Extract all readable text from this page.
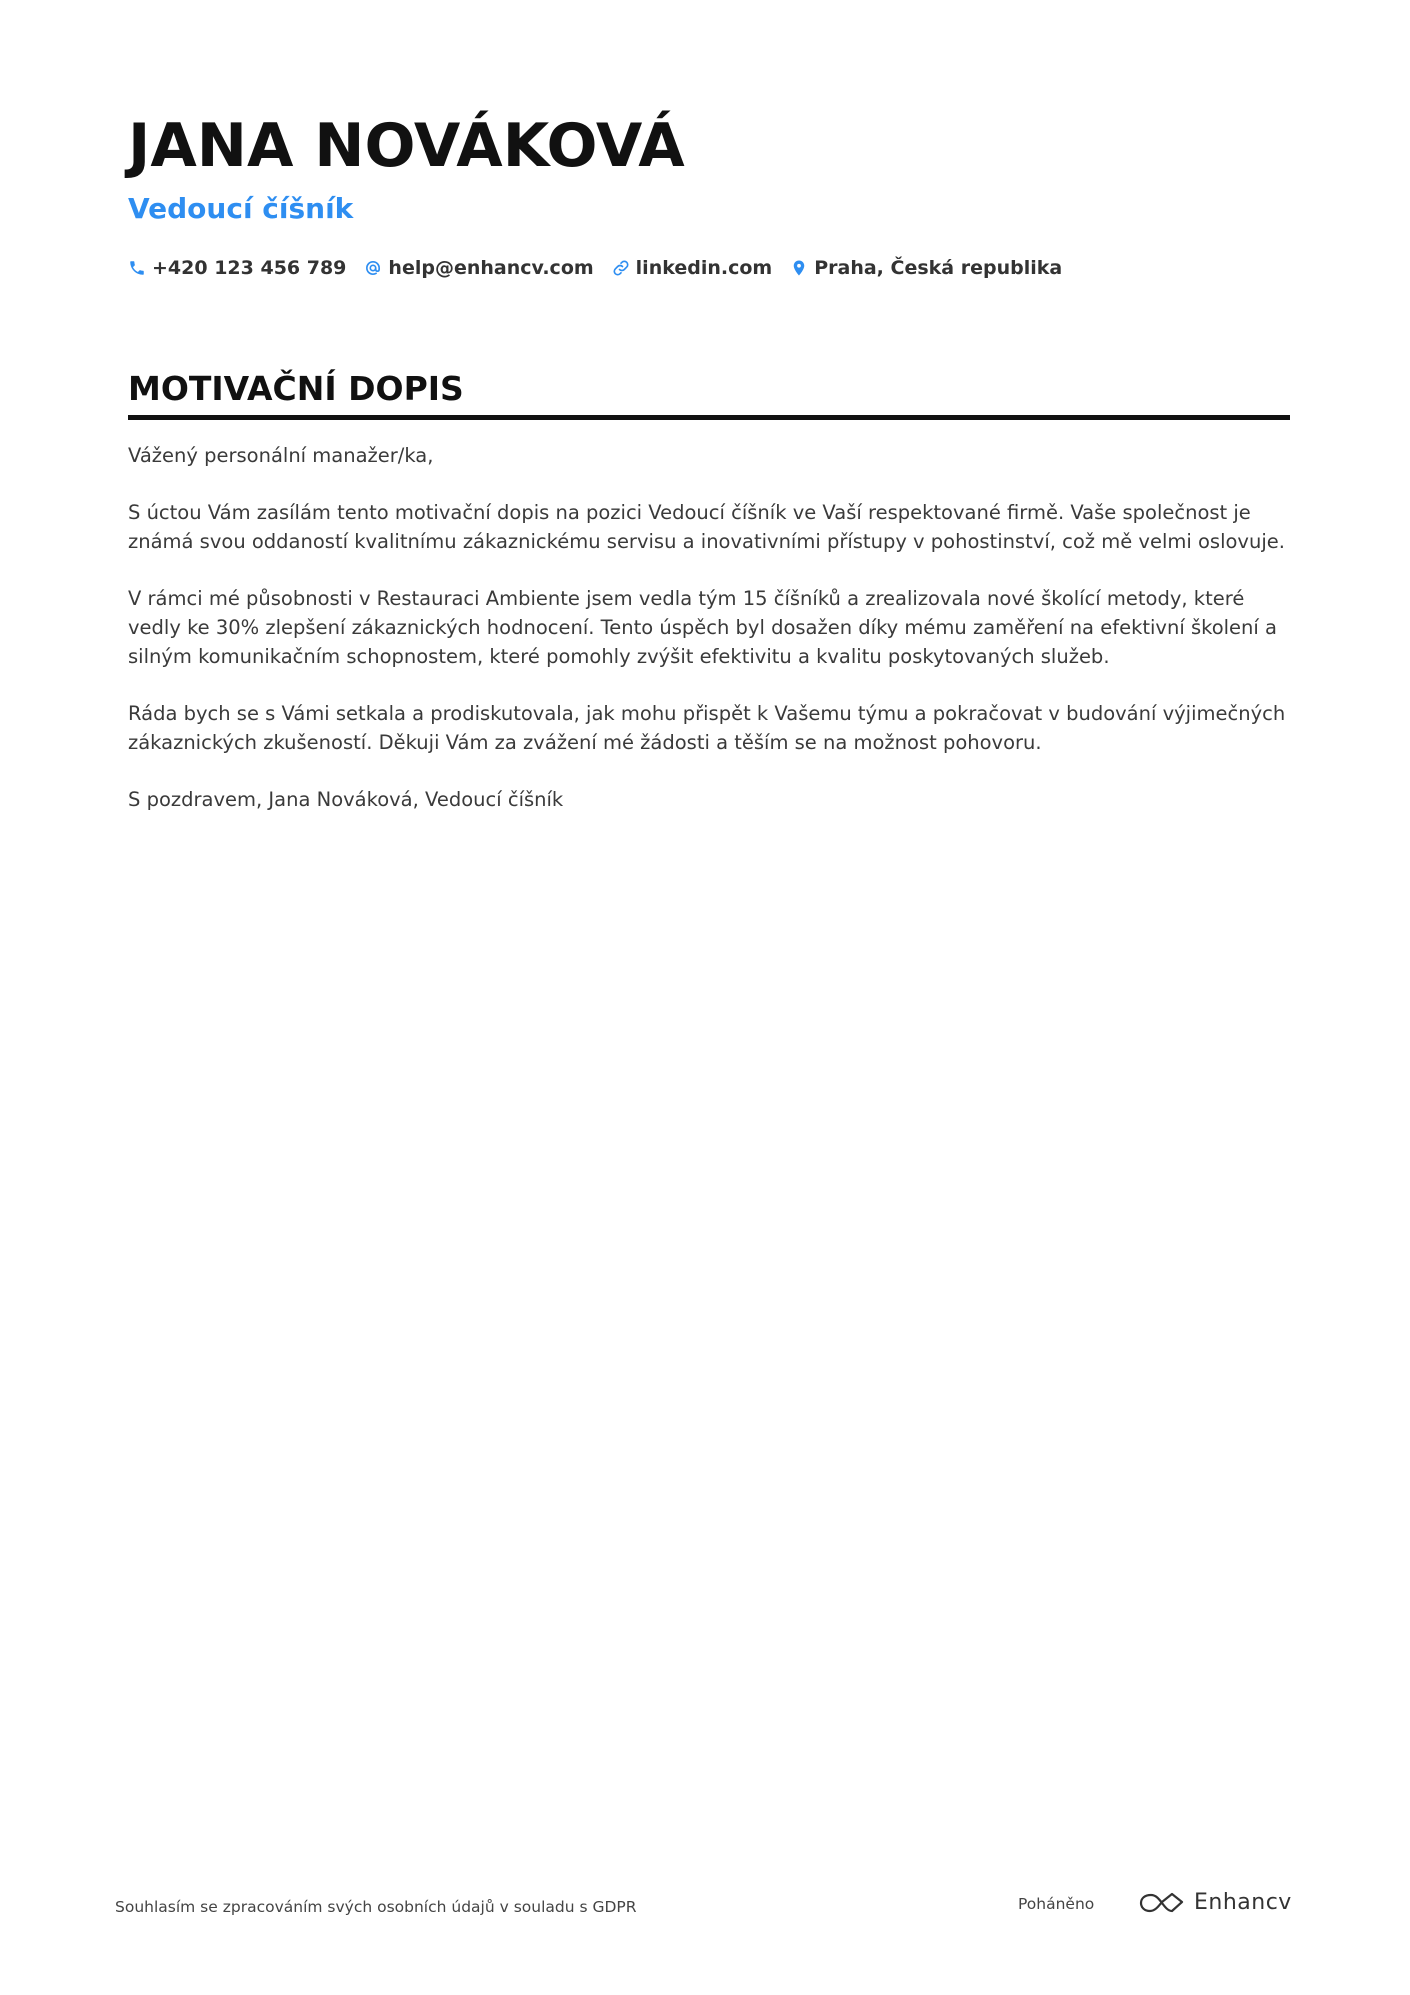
JANA NOVÁKOVÁ
Vedoucí číšník
+420 123 456 789 help@enhancv.com linkedin.com Praha, Česká republika
MOTIVAČNÍ DOPIS

Vážený personální manažer/ka,

S úctou Vám zasílám tento motivační dopis na pozici Vedoucí číšník ve Vaší respektované firmě. Vaše společnost je známá svou oddaností kvalitnímu zákaznickému servisu a inovativními přístupy v pohostinství, což mě velmi oslovuje.

V rámci mé působnosti v Restauraci Ambiente jsem vedla tým 15 číšníků a zrealizovala nové školící metody, které vedly ke 30% zlepšení zákaznických hodnocení. Tento úspěch byl dosažen díky mému zaměření na efektivní školení a silným komunikačním schopnostem, které pomohly zvýšit efektivitu a kvalitu poskytovaných služeb.

Ráda bych se s Vámi setkala a prodiskutovala, jak mohu přispět k Vašemu týmu a pokračovat v budování výjimečných zákaznických zkušeností. Děkuji Vám za zvážení mé žádosti a těším se na možnost pohovoru.

S pozdravem, Jana Nováková, Vedoucí číšník

Souhlasím se zpracováním svých osobních údajů v souladu s GDPR	Poháněno	Enhancv
